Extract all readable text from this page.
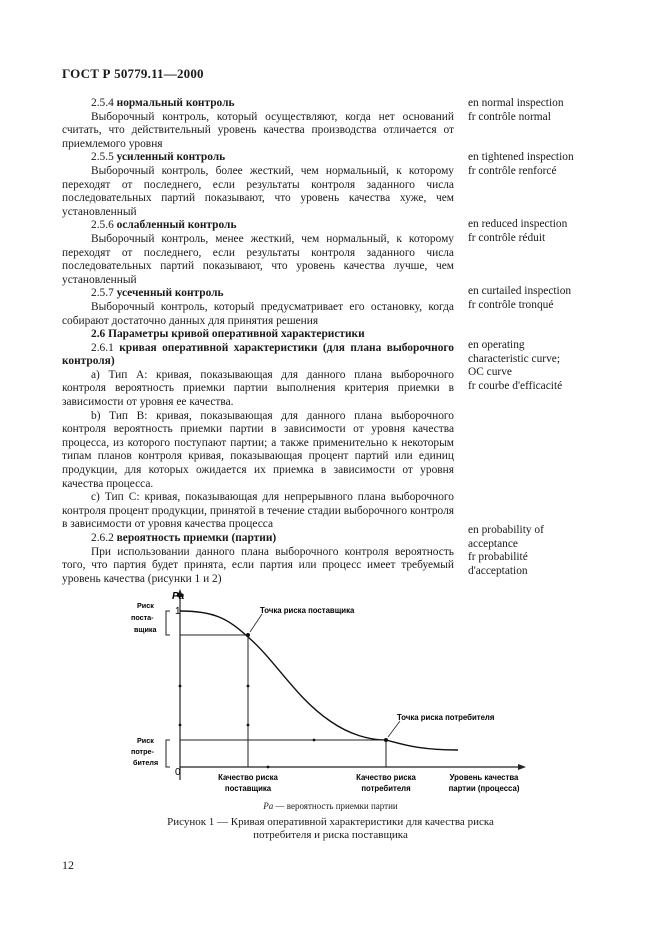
ГОСТ Р 50779.11—2000

2.5.4 нормальный контроль

Выборочный контроль, который осуществляют, когда нет оснований считать, что действительный уровень качества производства отличается от приемлемого уровня

2.5.5 усиленный контроль

Выборочный контроль, более жесткий, чем нормальный, к которому переходят от последнего, если результаты контроля заданного числа последовательных партий показывают, что уровень качества хуже, чем установленный

2.5.6 ослабленный контроль

Выборочный контроль, менее жесткий, чем нормальный, к которому переходят от последнего, если результаты контроля заданного числа последовательных партий показывают, что уровень качества лучше, чем установленный

2.5.7 усеченный контроль

Выборочный контроль, который предусматривает его остановку, когда собирают достаточно данных для принятия решения

2.6 Параметры кривой оперативной характеристики

2.6.1 кривая оперативной характеристики (для плана выборочного контроля)

а) Тип А: кривая, показывающая для данного плана выборочного контроля вероятность приемки партии выполнения критерия приемки в зависимости от уровня ее качества.

b) Тип В: кривая, показывающая для данного плана выборочного контроля вероятность приемки партии в зависимости от уровня качества процесса, из которого поступают партии; а также применительно к некоторым типам планов контроля кривая, показывающая процент партий или единиц продукции, для которых ожидается их приемка в зависимости от уровня качества процесса.

c) Тип С: кривая, показывающая для непрерывного плана выборочного контроля процент продукции, принятой в течение стадии выборочного контроля в зависимости от уровня качества процесса

2.6.2 вероятность приемки (партии)

При использовании данного плана выборочного контроля вероятность того, что партия будет принята, если партия или процесс имеет требуемый уровень качества (рисунки 1 и 2)

en normal inspection
fr contrôle normal
en tightened inspection
fr contrôle renforcé
en reduced inspection
fr contrôle réduit
en curtailed inspection
fr contrôle tronqué
en operating
characteristic curve;
OC curve
fr courbe d'efficacité
en probability of
acceptance
fr probabilité
d'acceptation
Pa
1
0
Риск
поста-
вщика
Риск
потре-
бителя
Точка риска поставщика
Точка риска потребителя
Качество риска
поставщика
Качество риска
потребителя
Уровень качества
партии (процесса)
Pa — вероятность приемки партии
Рисунок 1 — Кривая оперативной характеристики для качества риска
потребителя и риска поставщика
12
